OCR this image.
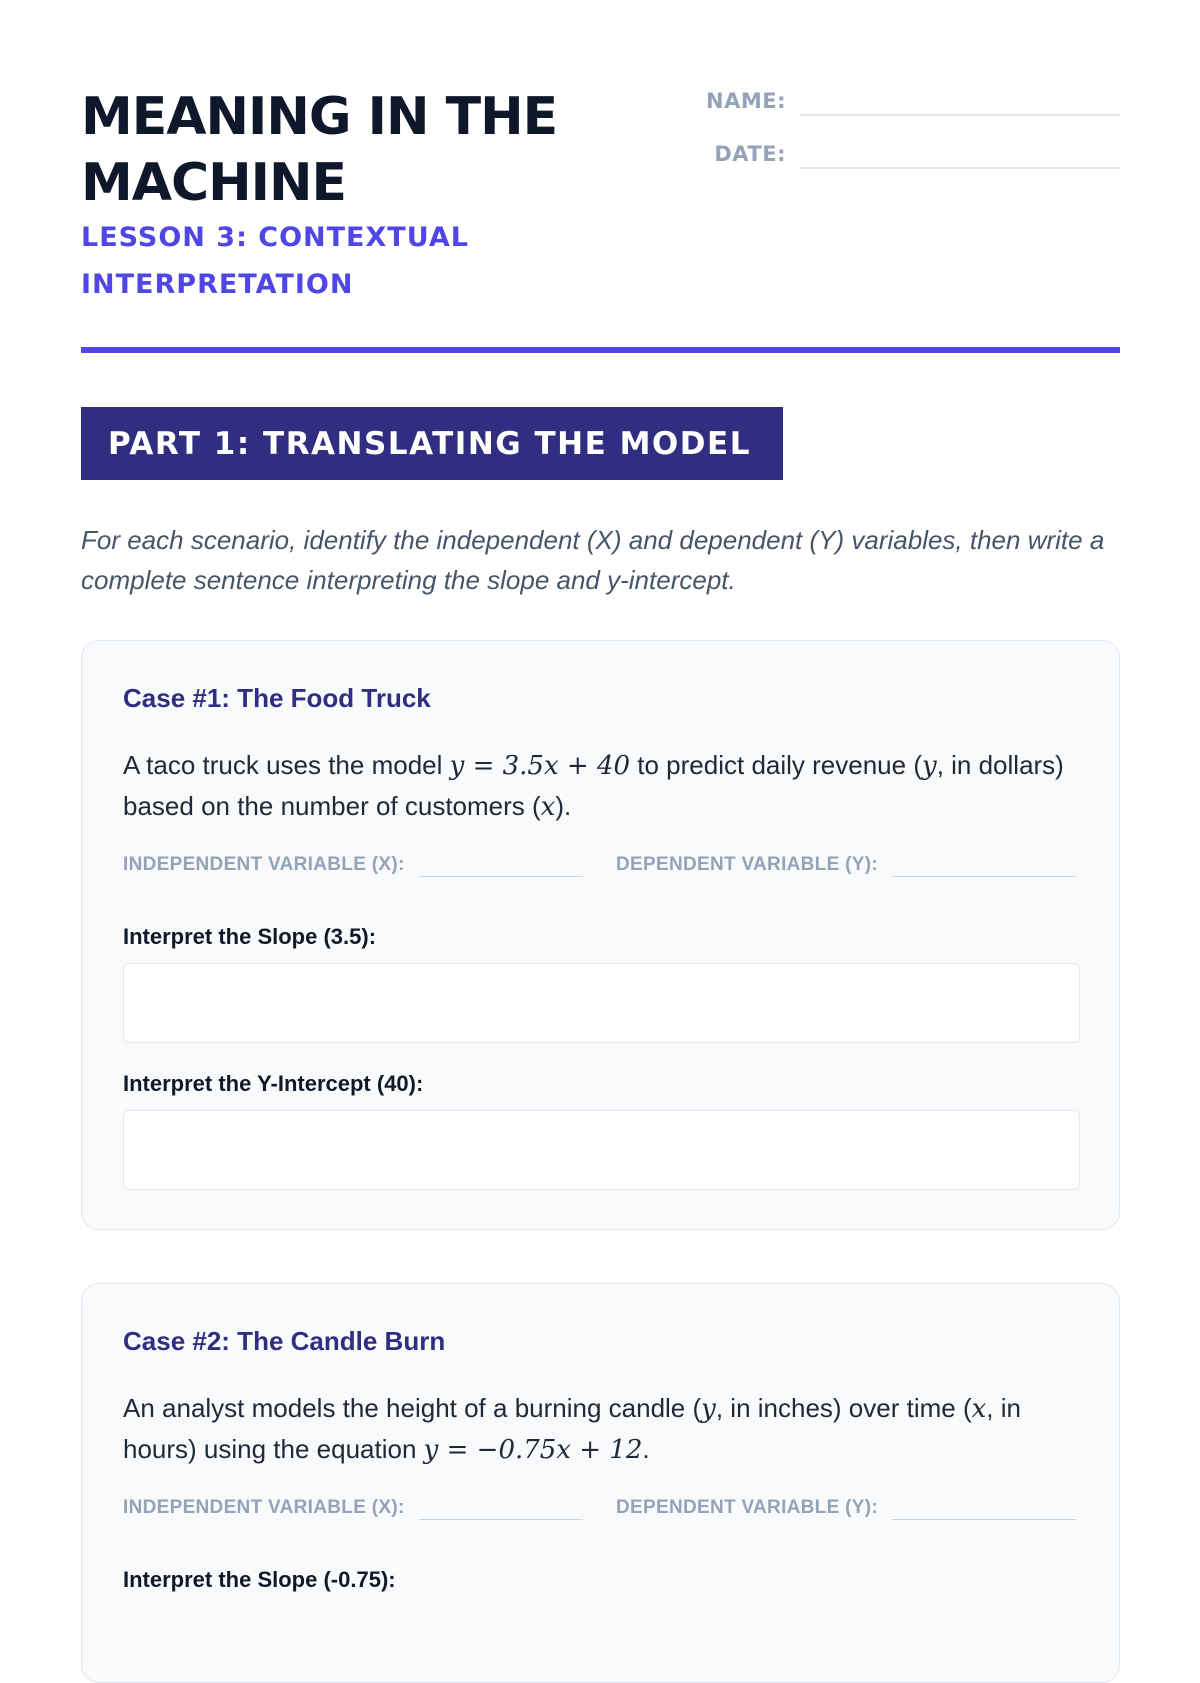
MEANING IN THE MACHINE
LESSON 3: CONTEXTUAL INTERPRETATION
NAME:
DATE:
PART 1: TRANSLATING THE MODEL

For each scenario, identify the independent (X) and dependent (Y) variables, then write a complete sentence interpreting the slope and y-intercept.

Case #1: The Food Truck

A taco truck uses the model y = 3.5x + 40 to predict daily revenue (y, in dollars) based on the number of customers (x).

INDEPENDENT VARIABLE (X):	DEPENDENT VARIABLE (Y):

Interpret the Slope (3.5):

Interpret the Y-Intercept (40):

Case #2: The Candle Burn

An analyst models the height of a burning candle (y, in inches) over time (x, in hours) using the equation y = −0.75x + 12.

INDEPENDENT VARIABLE (X):	DEPENDENT VARIABLE (Y):

Interpret the Slope (-0.75):
